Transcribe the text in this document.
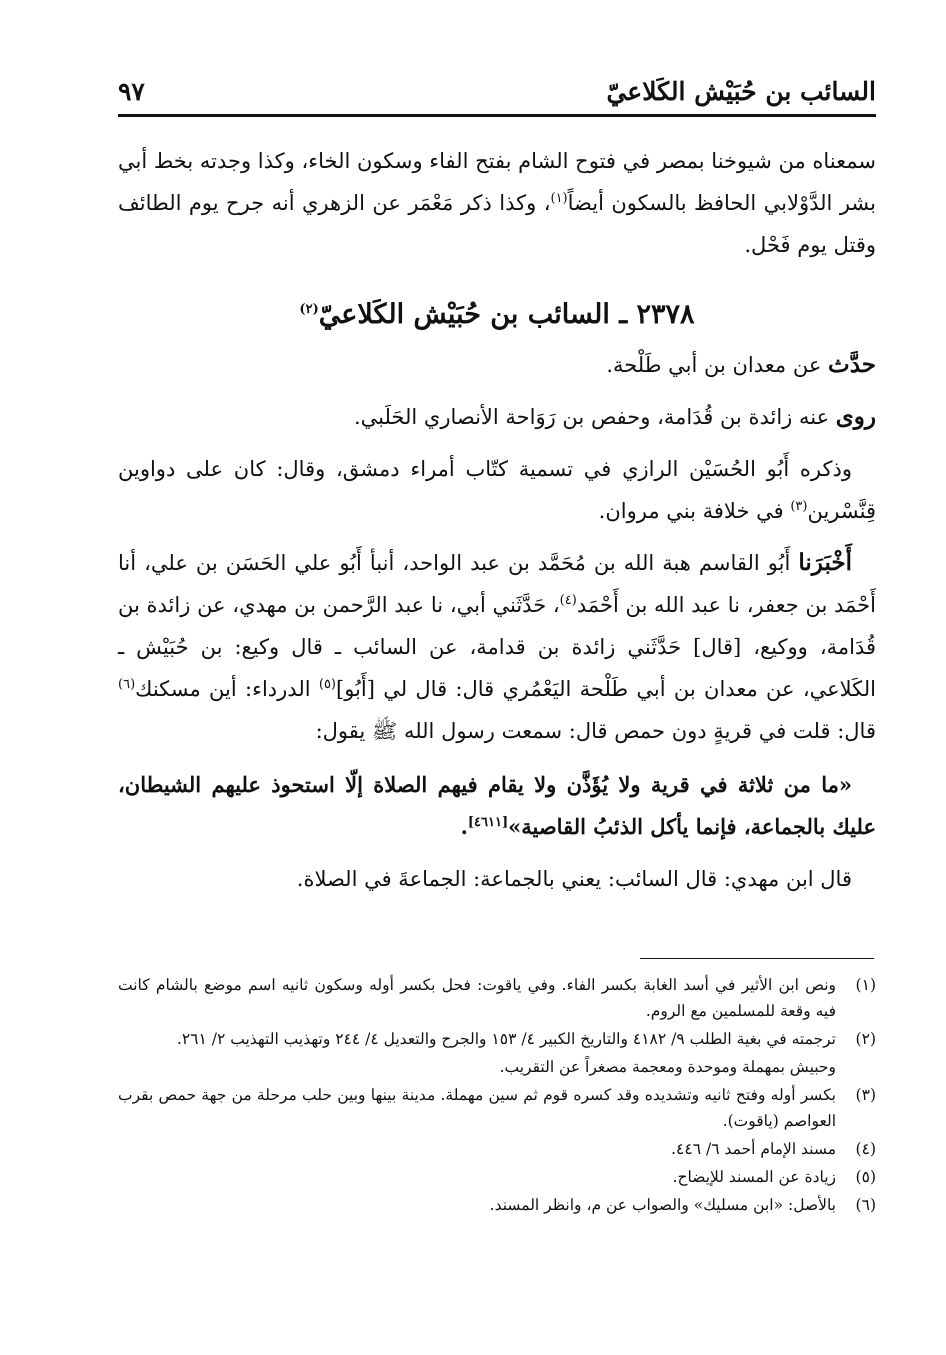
السائب بن حُبَيْش الكَلاعيّ
٩٧

سمعناه من شيوخنا بمصر في فتوح الشام بفتح الفاء وسكون الخاء، وكذا وجدته بخط أبي بشر الدَّوْلابي الحافظ بالسكون أيضاً$^{(١)}$، وكذا ذكر مَعْمَر عن الزهري أنه جرح يوم الطائف وقتل يوم فَحْل.

٢٣٧٨ ـ السائب بن حُبَيْش الكَلاعيّ$^{(٢)}$

حدَّث عن معدان بن أبي طَلْحة.

روى عنه زائدة بن قُدَامة، وحفص بن رَوَاحة الأنصاري الحَلَبي.

وذكره أَبُو الحُسَيْن الرازي في تسمية كتّاب أمراء دمشق، وقال: كان على دواوين قِنَّسْرين$^{(٣)}$ في خلافة بني مروان.

أَخْبَرَنا أَبُو القاسم هبة الله بن مُحَمَّد بن عبد الواحد، أنبأ أَبُو علي الحَسَن بن علي، أنا أَحْمَد بن جعفر، نا عبد الله بن أَحْمَد$^{(٤)}$، حَدَّثَني أبي، نا عبد الرَّحمن بن مهدي، عن زائدة بن قُدَامة، ووكيع، [قال] حَدَّثَني زائدة بن قدامة، عن السائب ـ قال وكيع: بن حُبَيْش ـ الكَلاعي، عن معدان بن أبي طَلْحة اليَعْمُري قال: قال لي [أَبُو]$^{(٥)}$ الدرداء: أين مسكنك$^{(٦)}$ قال: قلت في قريةٍ دون حمص قال: سمعت رسول الله ﷺ يقول:

«ما من ثلاثة في قرية ولا يُؤَذَّن ولا يقام فيهم الصلاة إلّا استحوذ عليهم الشيطان، عليك بالجماعة، فإنما يأكل الذئبُ القاصية»[٤٦١١].

قال ابن مهدي: قال السائب: يعني بالجماعة: الجماعةَ في الصلاة.

(١)
ونص ابن الأثير في أسد الغابة بكسر الفاء. وفي ياقوت: فحل بكسر أوله وسكون ثانيه اسم موضع بالشام كانت فيه وقعة للمسلمين مع الروم.
(٢)
ترجمته في بغية الطلب ٩/ ٤١٨٢ والتاريخ الكبير ٤/ ١٥٣ والجرح والتعديل ٤/ ٢٤٤ وتهذيب التهذيب ٢/ ٢٦١.
وحبيش بمهملة وموحدة ومعجمة مصغراً عن التقريب.
(٣)
بكسر أوله وفتح ثانيه وتشديده وقد كسره قوم ثم سين مهملة. مدينة بينها وبين حلب مرحلة من جهة حمص بقرب العواصم (ياقوت).
(٤)
مسند الإمام أحمد ٦/ ٤٤٦.
(٥)
زيادة عن المسند للإيضاح.
(٦)
بالأصل: «ابن مسليك» والصواب عن م، وانظر المسند.
